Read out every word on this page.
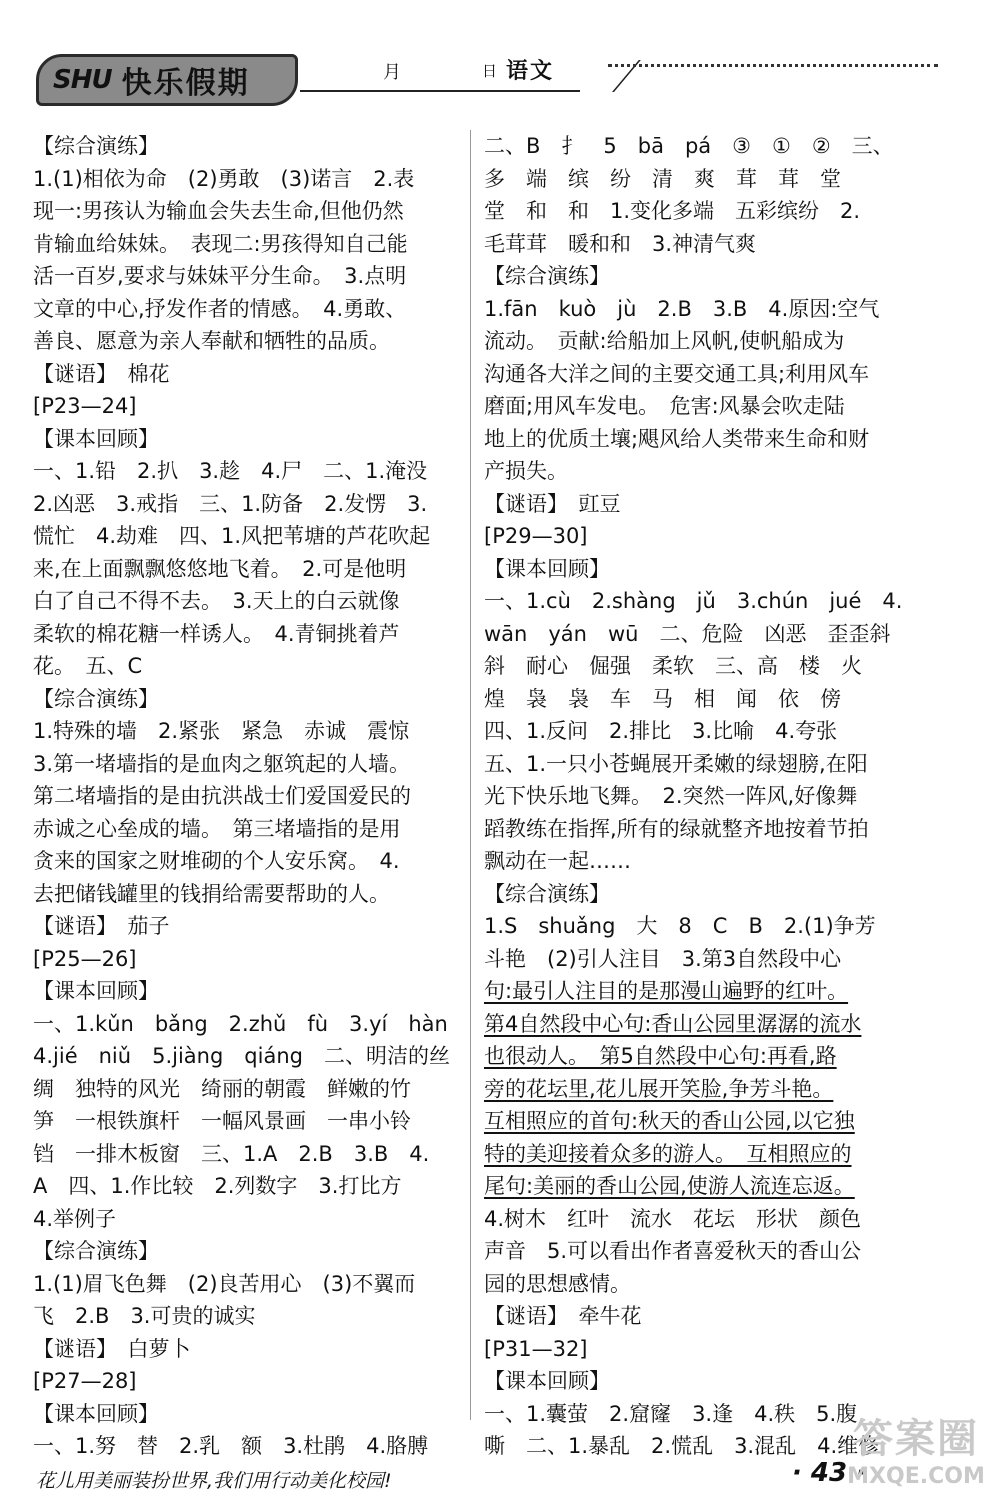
SHU 快乐假期	月	日 语文
【综合演练】
1.(1)相依为命　(2)勇敢　(3)诺言　2.表
现一:男孩认为输血会失去生命,但他仍然
肯输血给妹妹。　表现二:男孩得知自己能
活一百岁,要求与妹妹平分生命。　3.点明
文章的中心,抒发作者的情感。　4.勇敢、
善良、愿意为亲人奉献和牺牲的品质。
【谜语】　棉花
[P23—24]
【课本回顾】
一、1.铅　2.扒　3.趁　4.尸　二、1.淹没
2.凶恶　3.戒指　三、1.防备　2.发愣　3.
慌忙　4.劫难　四、1.风把苇塘的芦花吹起
来,在上面飘飘悠悠地飞着。　2.可是他明
白了自己不得不去。　3.天上的白云就像
柔软的棉花糖一样诱人。　4.青铜挑着芦
花。　五、C
【综合演练】
1.特殊的墙　2.紧张　紧急　赤诚　震惊
3.第一堵墙指的是血肉之躯筑起的人墙。
第二堵墙指的是由抗洪战士们爱国爱民的
赤诚之心垒成的墙。　第三堵墙指的是用
贪来的国家之财堆砌的个人安乐窝。　4.
去把储钱罐里的钱捐给需要帮助的人。
【谜语】　茄子
[P25—26]
【课本回顾】
一、1.kǔn　bǎng　2.zhǔ　fù　3.yí　hàn
4.jié　niǔ　5.jiàng　qiáng　二、明洁的丝
绸　独特的风光　绮丽的朝霞　鲜嫩的竹
笋　一根铁旗杆　一幅风景画　一串小铃
铛　一排木板窗　三、1.A　2.B　3.B　4.
A　四、1.作比较　2.列数字　3.打比方
4.举例子
【综合演练】
1.(1)眉飞色舞　(2)良苦用心　(3)不翼而
飞　2.B　3.可贵的诚实
【谜语】　白萝卜
[P27—28]
【课本回顾】
一、1.努　替　2.乳　额　3.杜鹃　4.胳膊
二、B　扌　5　bā　pá　③　①　②　三、
多　端　缤　纷　清　爽　茸　茸　堂
堂　和　和　1.变化多端　五彩缤纷　2.
毛茸茸　暖和和　3.神清气爽
【综合演练】
1.fān　kuò　jù　2.B　3.B　4.原因:空气
流动。　贡献:给船加上风帆,使帆船成为
沟通各大洋之间的主要交通工具;利用风车
磨面;用风车发电。　危害:风暴会吹走陆
地上的优质土壤;飓风给人类带来生命和财
产损失。
【谜语】　豇豆
[P29—30]
【课本回顾】
一、1.cù　2.shàng　jǔ　3.chún　jué　4.
wān　yán　wū　二、危险　凶恶　歪歪斜
斜　耐心　倔强　柔软　三、高　楼　火
煌　袅　袅　车　马　相　闻　依　傍
四、1.反问　2.排比　3.比喻　4.夸张
五、1.一只小苍蝇展开柔嫩的绿翅膀,在阳
光下快乐地飞舞。　2.突然一阵风,好像舞
蹈教练在指挥,所有的绿就整齐地按着节拍
飘动在一起……
【综合演练】
1.S　shuǎng　大　8　C　B　2.(1)争芳
斗艳　(2)引人注目　3.第3自然段中心
句:最引人注目的是那漫山遍野的红叶。
第4自然段中心句:香山公园里潺潺的流水
也很动人。　第5自然段中心句:再看,路
旁的花坛里,花儿展开笑脸,争芳斗艳。
互相照应的首句:秋天的香山公园,以它独
特的美迎接着众多的游人。　互相照应的
尾句:美丽的香山公园,使游人流连忘返。
4.树木　红叶　流水　花坛　形状　颜色
声音　5.可以看出作者喜爱秋天的香山公
园的思想感情。
【谜语】　牵牛花
[P31—32]
【课本回顾】
一、1.囊萤　2.窟窿　3.逢　4.秩　5.腹
嘶　二、1.暴乱　2.慌乱　3.混乱　4.维修
花儿用美丽装扮世界,我们用行动美化校园!	· 43 ·
答案圈
MXQE.COM
